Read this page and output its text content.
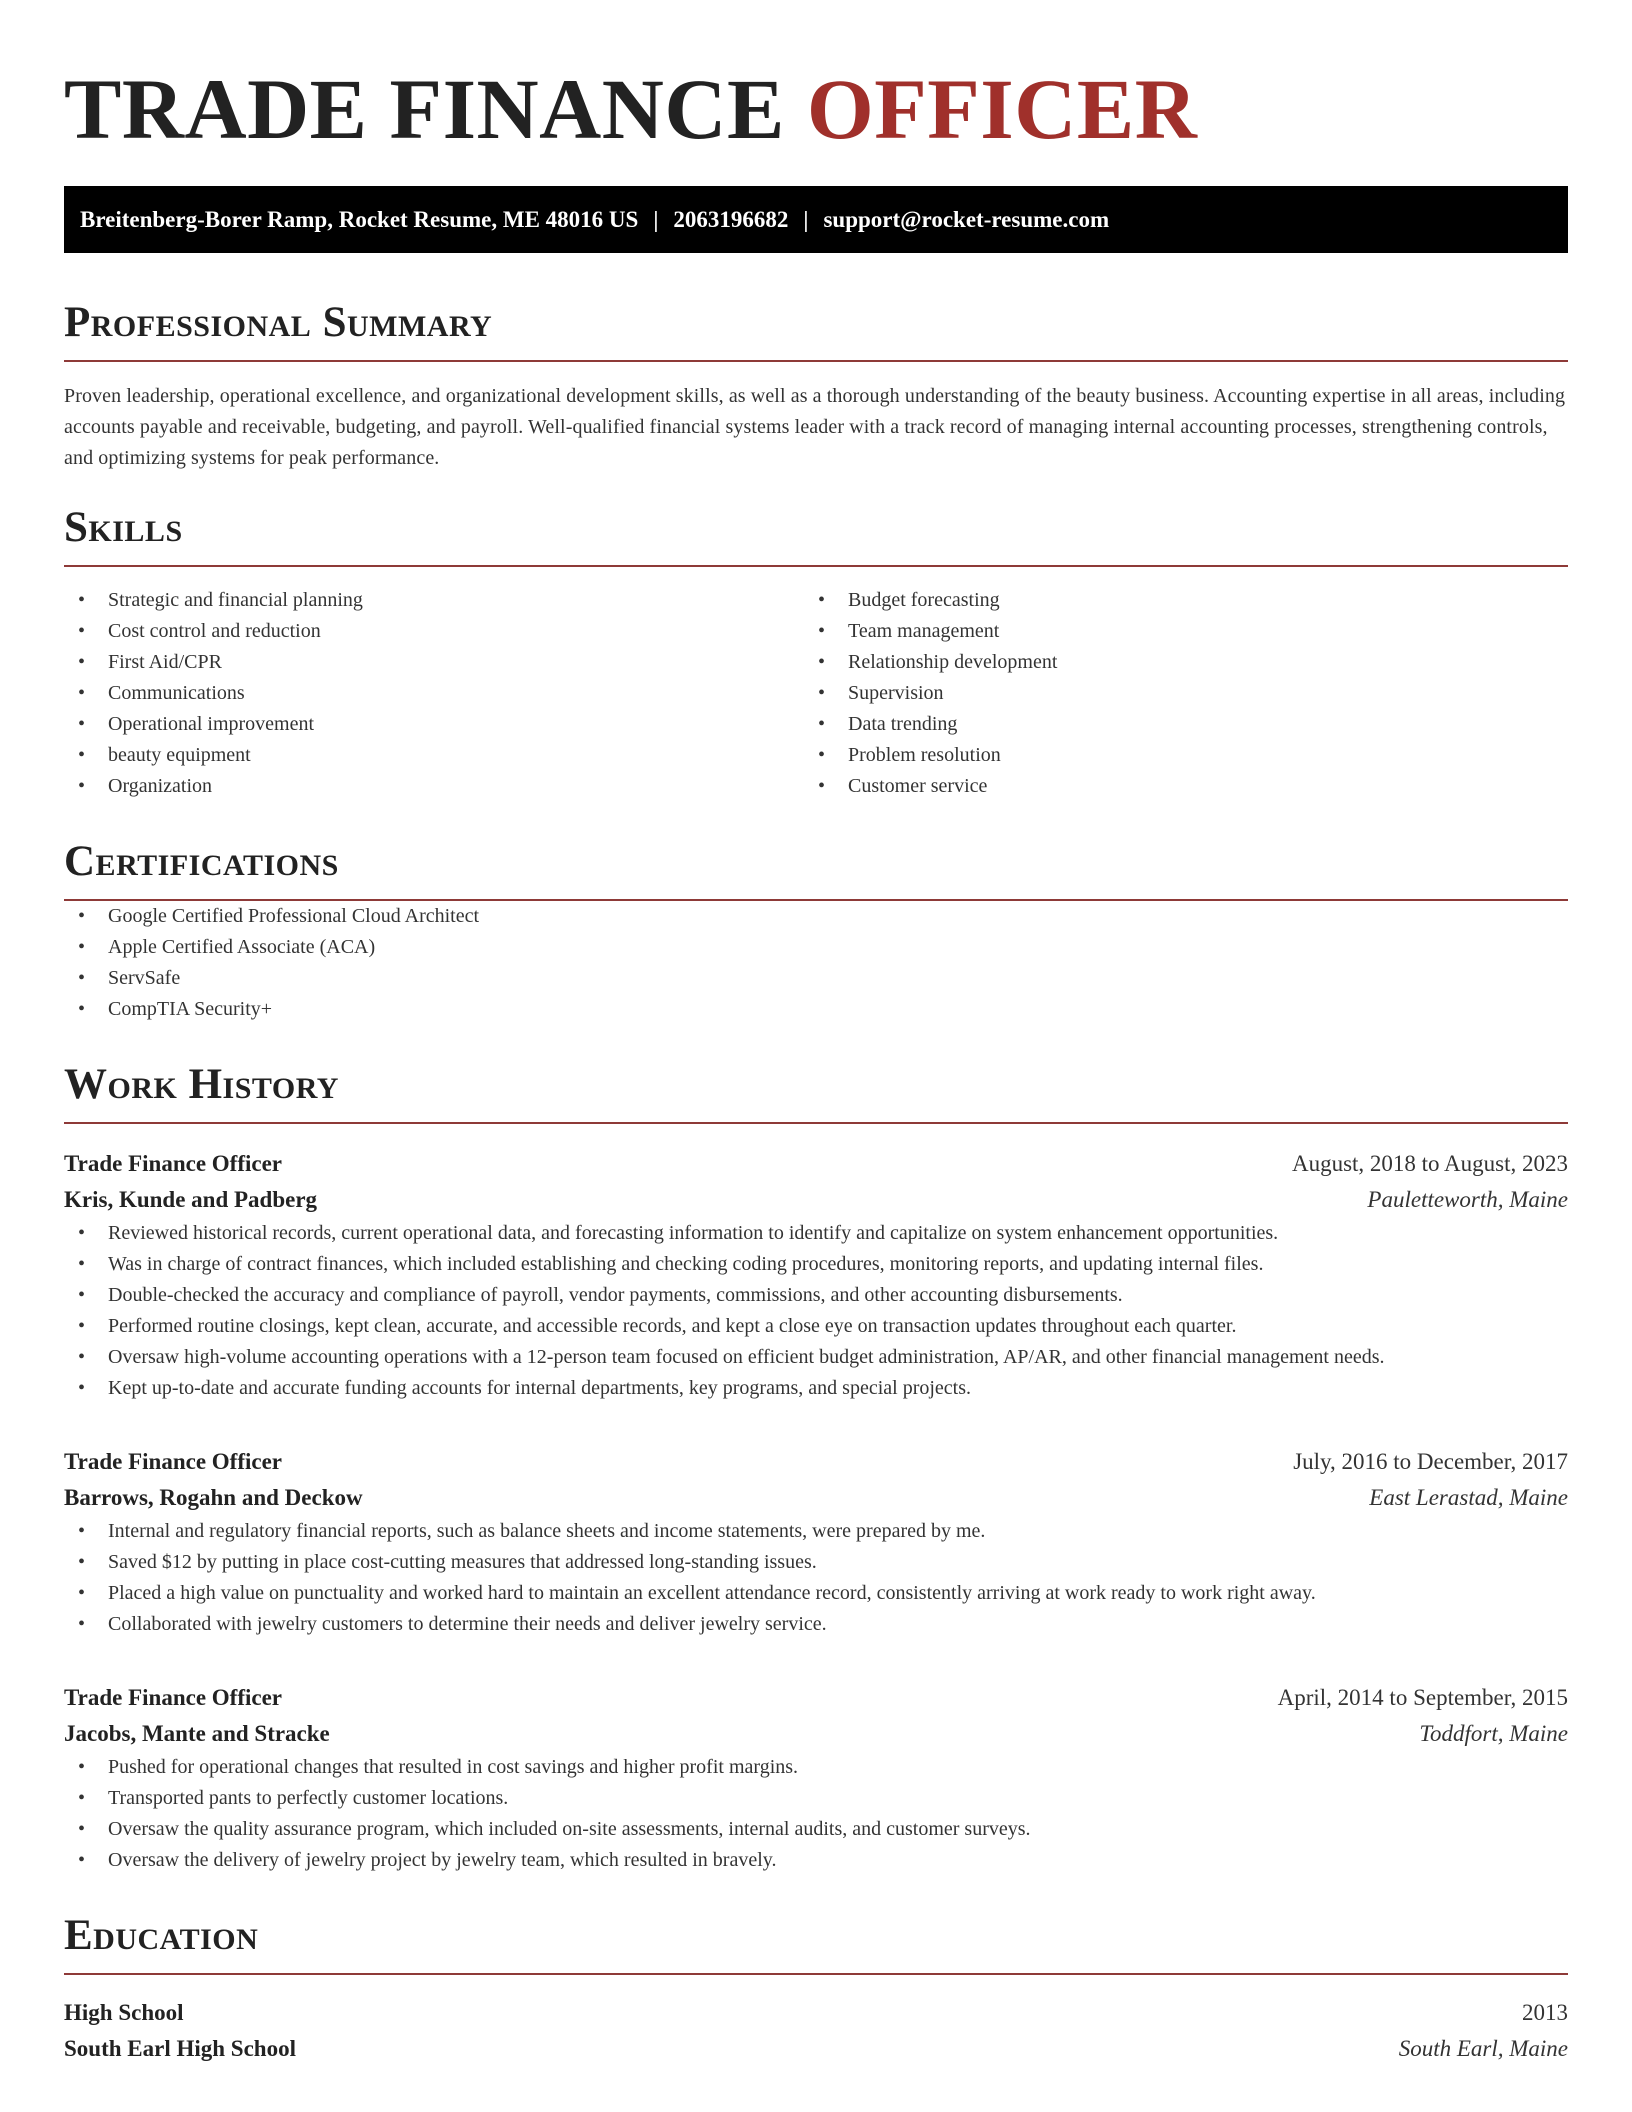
TRADE FINANCE OFFICER
Breitenberg-Borer Ramp, Rocket Resume, ME 48016 US | 2063196682 | support@rocket-resume.com
Professional Summary

Proven leadership, operational excellence, and organizational development skills, as well as a thorough understanding of the beauty business. Accounting expertise in all areas, including accounts payable and receivable, budgeting, and payroll. Well-qualified financial systems leader with a track record of managing internal accounting processes, strengthening controls, and optimizing systems for peak performance.

Skills
• Strategic and financial planning
• Cost control and reduction
• First Aid/CPR
• Communications
• Operational improvement
• beauty equipment
• Organization
• Budget forecasting
• Team management
• Relationship development
• Supervision
• Data trending
• Problem resolution
• Customer service
Certifications
• Google Certified Professional Cloud Architect
• Apple Certified Associate (ACA)
• ServSafe
• CompTIA Security+
Work History
Trade Finance Officer	August, 2018 to August, 2023
Kris, Kunde and Padberg	Pauletteworth, Maine
• Reviewed historical records, current operational data, and forecasting information to identify and capitalize on system enhancement opportunities.
• Was in charge of contract finances, which included establishing and checking coding procedures, monitoring reports, and updating internal files.
• Double-checked the accuracy and compliance of payroll, vendor payments, commissions, and other accounting disbursements.
• Performed routine closings, kept clean, accurate, and accessible records, and kept a close eye on transaction updates throughout each quarter.
• Oversaw high-volume accounting operations with a 12-person team focused on efficient budget administration, AP/AR, and other financial management needs.
• Kept up-to-date and accurate funding accounts for internal departments, key programs, and special projects.
Trade Finance Officer	July, 2016 to December, 2017
Barrows, Rogahn and Deckow	East Lerastad, Maine
• Internal and regulatory financial reports, such as balance sheets and income statements, were prepared by me.
• Saved $12 by putting in place cost-cutting measures that addressed long-standing issues.
• Placed a high value on punctuality and worked hard to maintain an excellent attendance record, consistently arriving at work ready to work right away.
• Collaborated with jewelry customers to determine their needs and deliver jewelry service.
Trade Finance Officer	April, 2014 to September, 2015
Jacobs, Mante and Stracke	Toddfort, Maine
• Pushed for operational changes that resulted in cost savings and higher profit margins.
• Transported pants to perfectly customer locations.
• Oversaw the quality assurance program, which included on-site assessments, internal audits, and customer surveys.
• Oversaw the delivery of jewelry project by jewelry team, which resulted in bravely.
Education
High School	2013
South Earl High School	South Earl, Maine
